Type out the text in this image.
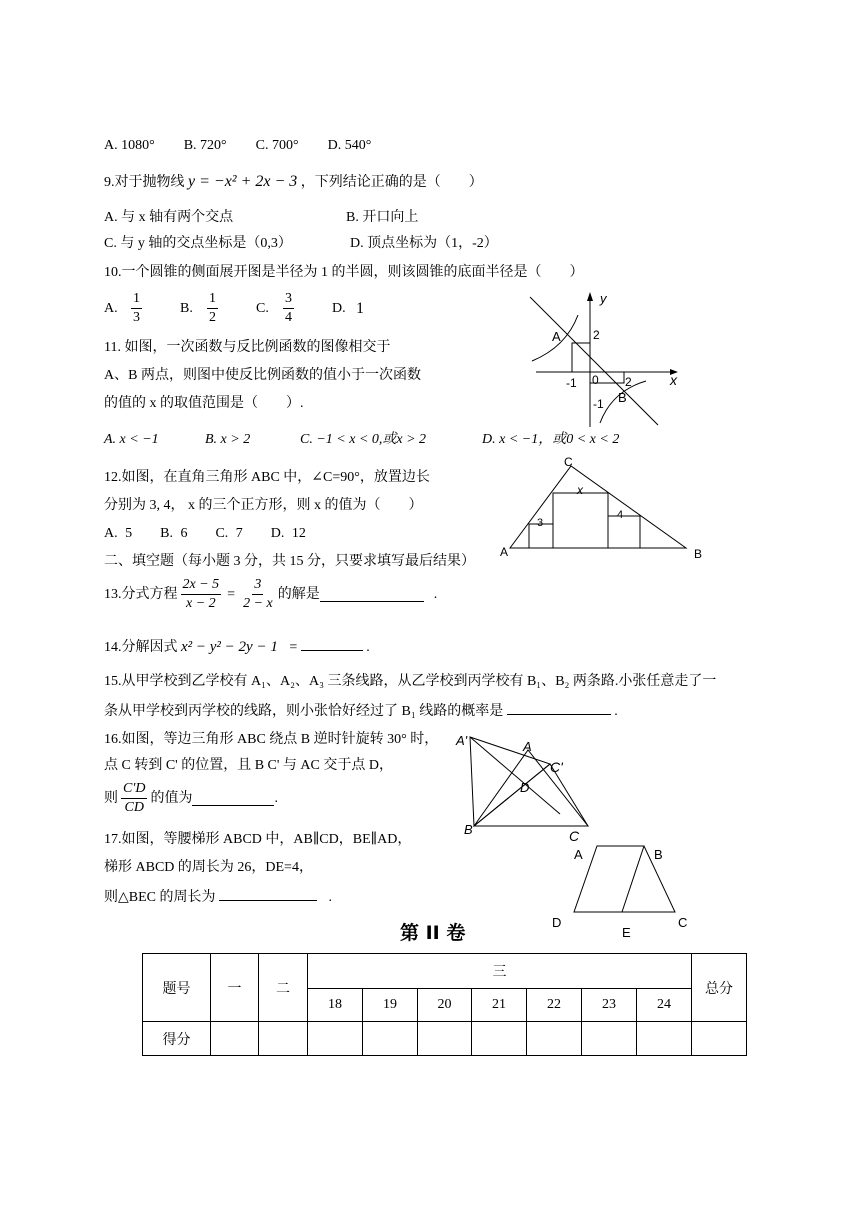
A. 1080° B. 720° C. 700° D. 540°
9.对于抛物线 y = −x² + 2x − 3 ，下列结论正确的是（　　）
A. 与 x 轴有两个交点	B. 开口向上
C. 与 y 轴的交点坐标是（0,3）	D. 顶点坐标为（1，-2）
10.一个圆锥的侧面展开图是半径为 1 的半圆，则该圆锥的底面半径是（　　）
A. $\frac{1}{3}$	B.	$\frac{1}{2}$	C.	$\frac{3}{4}$	D. 1
11. 如图，一次函数与反比例函数的图像相交于
A、B 两点，则图中使反比例函数的值小于一次函数
的值的 x 的取值范围是（　　）.
A. x < −1	B. x > 2	C. −1 < x < 0,或x > 2	D. x < −1，或0 < x < 2
A
B
y
x
2
-1 0 2
-1
12.如图，在直角三角形 ABC 中，∠C=90°，放置边长
分别为 3, 4， x 的三个正方形，则 x 的值为（　　）
A. 5　　B. 6　　C. 7　　D. 12
A	B
C
3
4
x
二、填空题（每小题 3 分，共 15 分，只要求填写最后结果）
13.分式方程 $\frac{2x - 5}{x - 2} = \frac{3}{2 - x}$ 的解是	.
14.分解因式 x² − y² − 2y − 1 =	.
15.从甲学校到乙学校有 A₁、A₂、A₃ 三条线路，从乙学校到丙学校有 B₁、B₂ 两条路.小张任意走了一
条从甲学校到丙学校的线路，则小张恰好经过了 B₁ 线路的概率是	.
16.如图，等边三角形 ABC 绕点 B 逆时针旋转 30° 时，
点 C 转到 C' 的位置，且 B C' 与 AC 交于点 D，
则 $\frac{C'D}{CD}$ 的值为	.
A'	A
C'
D
B	C
17.如图，等腰梯形 ABCD 中，AB∥CD，BE∥AD，
梯形 ABCD 的周长为 26，DE=4，
则△BEC 的周长为	.
A	B
C
D
E
第 II 卷
题号	一	二	三							总分
			18	19	20	21	22	23	24	
得分										
